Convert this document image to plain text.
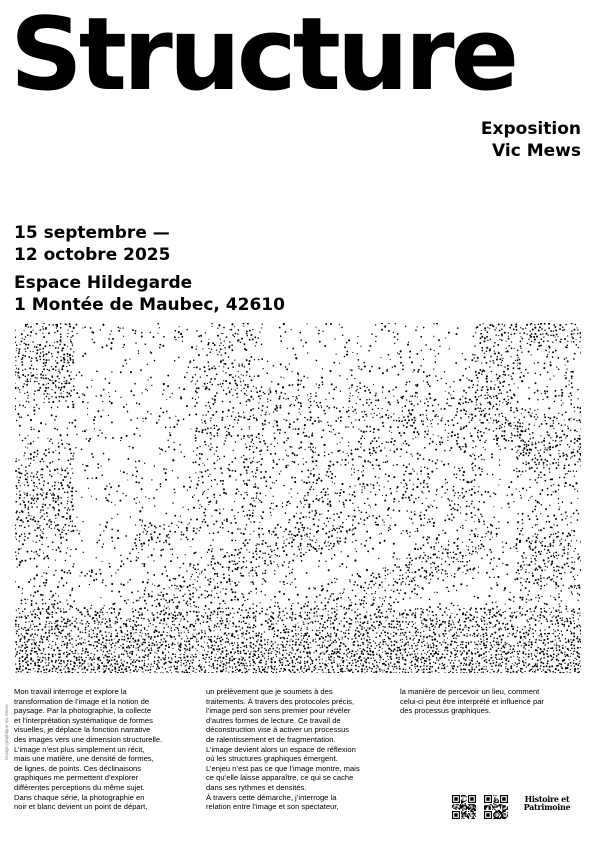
Structure
Exposition
Vic Mews
15 septembre —
12 octobre 2025
Espace Hildegarde
1 Montée de Maubec, 42610
Design graphique Vic Mews

Mon travail interroge et explore la

transformation de l’image et la notion de

paysage. Par la photographie, la collecte

et l’interprétation systématique de formes

visuelles, je déplace la fonction narrative

des images vers une dimension structurelle.

L’image n’est plus simplement un récit,

mais une matière, une densité de formes,

de lignes, de points. Ces déclinaisons

graphiques me permettent d’explorer

différentes perceptions du même sujet.

Dans chaque série, la photographie en

noir et blanc devient un point de départ,

un prélèvement que je soumets à des

traitements. À travers des protocoles précis,

l’image perd son sens premier pour révéler

d’autres formes de lecture. Ce travail de

déconstruction vise à activer un processus

de ralentissement et de fragmentation.

L’image devient alors un espace de réflexion

où les structures graphiques émergent.

L’enjeu n’est pas ce que l’image montre, mais

ce qu’elle laisse apparaître, ce qui se cache

dans ses rythmes et densités.

À travers cette démarche, j’interroge la

relation entre l’image et son spectateur,

la manière de percevoir un lieu, comment

celui-ci peut être interprété et influencé par

des processus graphiques.

Histoire et
Patrimoine
